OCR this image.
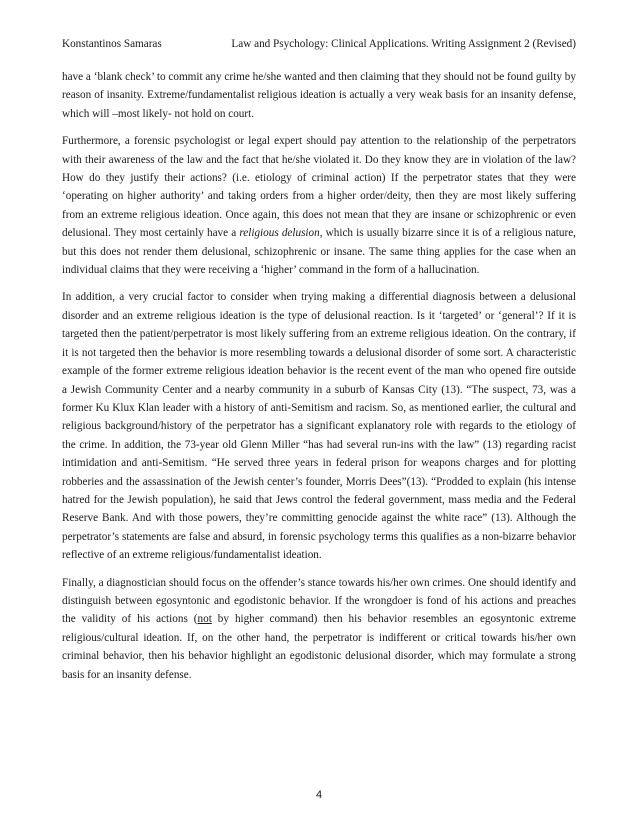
Konstantinos Samaras	Law and Psychology: Clinical Applications. Writing Assignment 2 (Revised)

have a ‘blank check’ to commit any crime he/she wanted and then claiming that they should not be found guilty by reason of insanity. Extreme/fundamentalist religious ideation is actually a very weak basis for an insanity defense, which will –most likely- not hold on court.

Furthermore, a forensic psychologist or legal expert should pay attention to the relationship of the perpetrators with their awareness of the law and the fact that he/she violated it. Do they know they are in violation of the law? How do they justify their actions? (i.e. etiology of criminal action) If the perpetrator states that they were ‘operating on higher authority’ and taking orders from a higher order/deity, then they are most likely suffering from an extreme religious ideation. Once again, this does not mean that they are insane or schizophrenic or even delusional. They most certainly have a religious delusion, which is usually bizarre since it is of a religious nature, but this does not render them delusional, schizophrenic or insane. The same thing applies for the case when an individual claims that they were receiving a ‘higher’ command in the form of a hallucination.

In addition, a very crucial factor to consider when trying making a differential diagnosis between a delusional disorder and an extreme religious ideation is the type of delusional reaction. Is it ‘targeted’ or ‘general’? If it is targeted then the patient/perpetrator is most likely suffering from an extreme religious ideation. On the contrary, if it is not targeted then the behavior is more resembling towards a delusional disorder of some sort. A characteristic example of the former extreme religious ideation behavior is the recent event of the man who opened fire outside a Jewish Community Center and a nearby community in a suburb of Kansas City (13). “The suspect, 73, was a former Ku Klux Klan leader with a history of anti-Semitism and racism. So, as mentioned earlier, the cultural and religious background/history of the perpetrator has a significant explanatory role with regards to the etiology of the crime. In addition, the 73-year old Glenn Miller “has had several run-ins with the law” (13) regarding racist intimidation and anti-Semitism. “He served three years in federal prison for weapons charges and for plotting robberies and the assassination of the Jewish center’s founder, Morris Dees”(13). “Prodded to explain (his intense hatred for the Jewish population), he said that Jews control the federal government, mass media and the Federal Reserve Bank. And with those powers, they’re committing genocide against the white race” (13). Although the perpetrator’s statements are false and absurd, in forensic psychology terms this qualifies as a non-bizarre behavior reflective of an extreme religious/fundamentalist ideation.

Finally, a diagnostician should focus on the offender’s stance towards his/her own crimes. One should identify and distinguish between egosyntonic and egodistonic behavior. If the wrongdoer is fond of his actions and preaches the validity of his actions (not by higher command) then his behavior resembles an egosyntonic extreme religious/cultural ideation. If, on the other hand, the perpetrator is indifferent or critical towards his/her own criminal behavior, then his behavior highlight an egodistonic delusional disorder, which may formulate a strong basis for an insanity defense.

4
